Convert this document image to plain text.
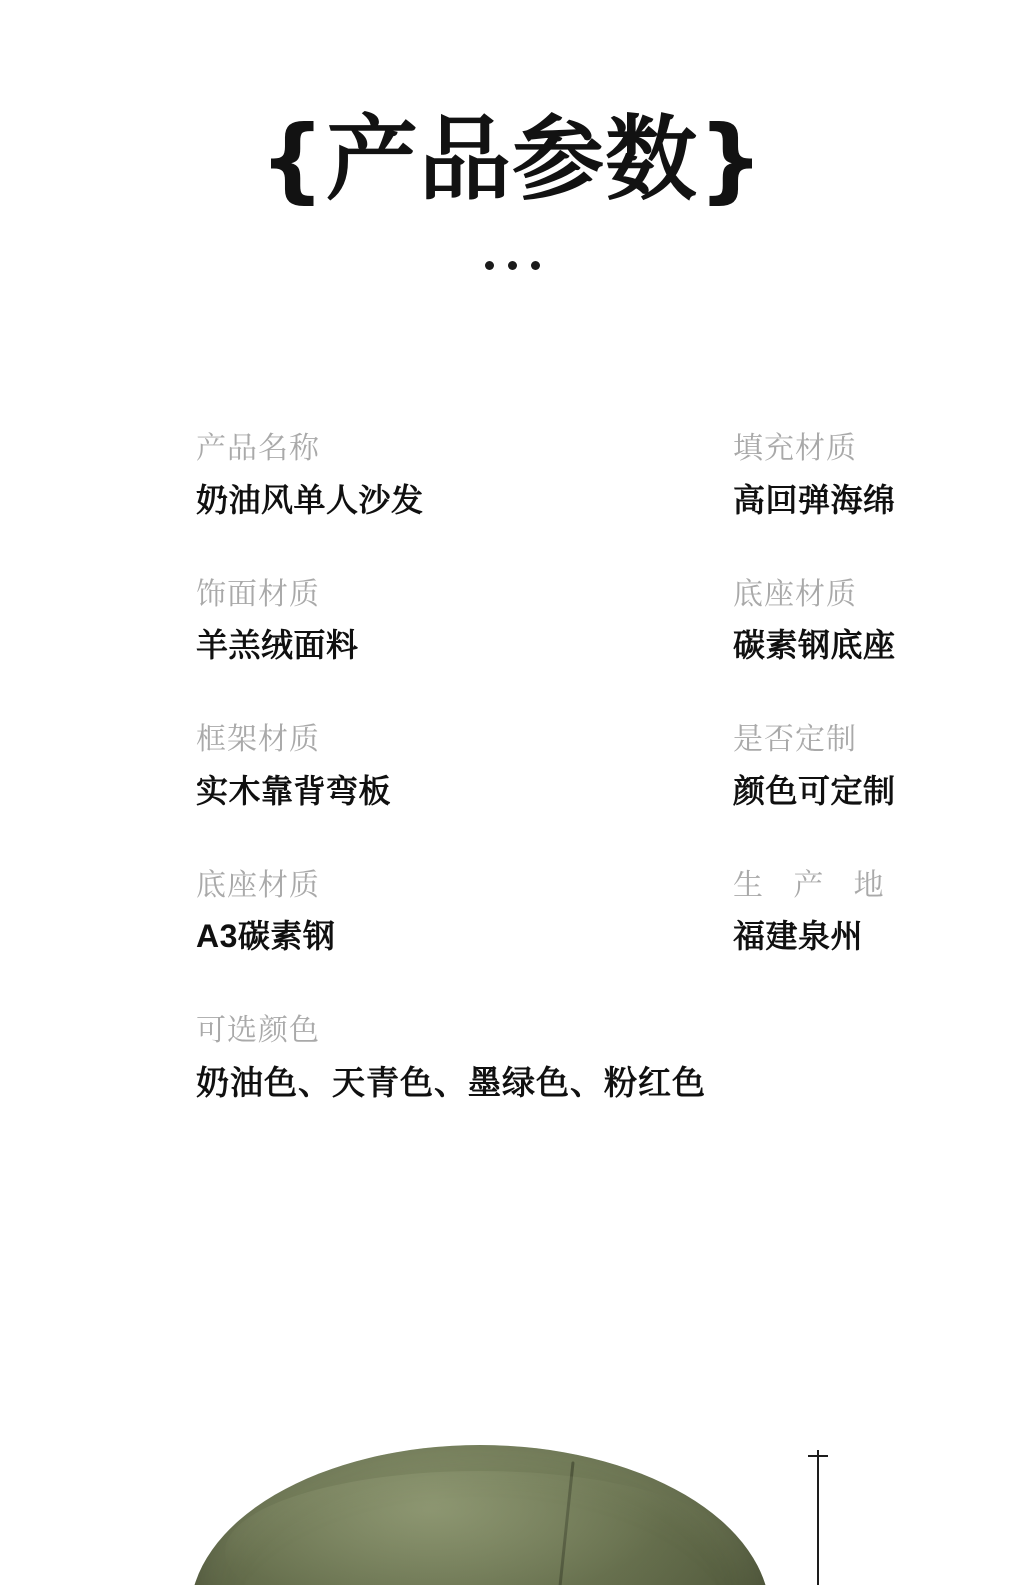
{产品参数}

产品名称

奶油风单人沙发

填充材质

高回弹海绵

饰面材质

羊羔绒面料

底座材质

碳素钢底座

框架材质

实木靠背弯板

是否定制

颜色可定制

底座材质

A3碳素钢

生 产 地

福建泉州

可选颜色

奶油色、天青色、墨绿色、粉红色
